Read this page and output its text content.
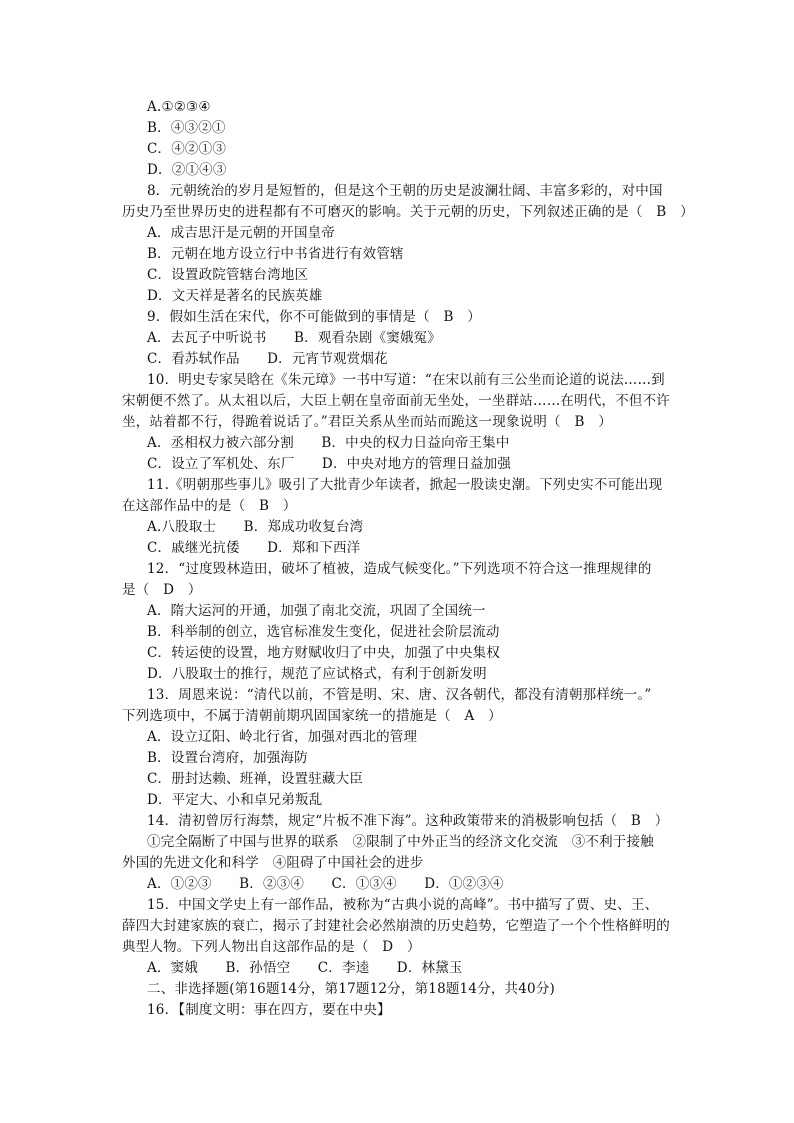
A.①②③④
B．④③②①
C．④②①③
D．②①④③
8．元朝统治的岁月是短暂的，但是这个王朝的历史是波澜壮阔、丰富多彩的，对中国
历史乃至世界历史的进程都有不可磨灭的影响。关于元朝的历史，下列叙述正确的是（　B　）
A．成吉思汗是元朝的开国皇帝
B．元朝在地方设立行中书省进行有效管辖
C．设置政院管辖台湾地区
D．文天祥是著名的民族英雄
9．假如生活在宋代，你不可能做到的事情是（　B　）
A．去瓦子中听说书　　B．观看杂剧《窦娥冤》
C．看苏轼作品　　D．元宵节观赏烟花
10．明史专家吴晗在《朱元璋》一书中写道：“在宋以前有三公坐而论道的说法……到
宋朝便不然了。从太祖以后，大臣上朝在皇帝面前无坐处，一坐群站……在明代，不但不许
坐，站着都不行，得跪着说话了。”君臣关系从坐而站而跪这一现象说明（　B　）
A．丞相权力被六部分割　　B．中央的权力日益向帝王集中
C．设立了军机处、东厂　　D．中央对地方的管理日益加强
11.《明朝那些事儿》吸引了大批青少年读者，掀起一股读史潮。下列史实不可能出现
在这部作品中的是（　B　）
A.八股取士　　B．郑成功收复台湾
C．戚继光抗倭　　D．郑和下西洋
12．“过度毁林造田，破坏了植被，造成气候变化。”下列选项不符合这一推理规律的
是（　D　）
A．隋大运河的开通，加强了南北交流，巩固了全国统一
B．科举制的创立，选官标准发生变化，促进社会阶层流动
C．转运使的设置，地方财赋收归了中央，加强了中央集权
D．八股取士的推行，规范了应试格式，有利于创新发明
13．周恩来说：“清代以前，不管是明、宋、唐、汉各朝代，都没有清朝那样统一。”
下列选项中，不属于清朝前期巩固国家统一的措施是（　A　）
A．设立辽阳、岭北行省，加强对西北的管理
B．设置台湾府，加强海防
C．册封达赖、班禅，设置驻藏大臣
D．平定大、小和卓兄弟叛乱
14．清初曾厉行海禁，规定“片板不准下海”。这种政策带来的消极影响包括（　B　）
①完全隔断了中国与世界的联系　②限制了中外正当的经济文化交流　③不利于接触
外国的先进文化和科学　④阻碍了中国社会的进步
A．①②③　　B．②③④　　C．①③④　　D．①②③④
15．中国文学史上有一部作品，被称为“古典小说的高峰”。书中描写了贾、史、王、
薛四大封建家族的衰亡，揭示了封建社会必然崩溃的历史趋势，它塑造了一个个性格鲜明的
典型人物。下列人物出自这部作品的是（　D　）
A．窦娥　　B．孙悟空　　C．李逵　　D．林黛玉
二、非选择题(第16题14分，第17题12分，第18题14分，共40分)
16．【制度文明：事在四方，要在中央】
